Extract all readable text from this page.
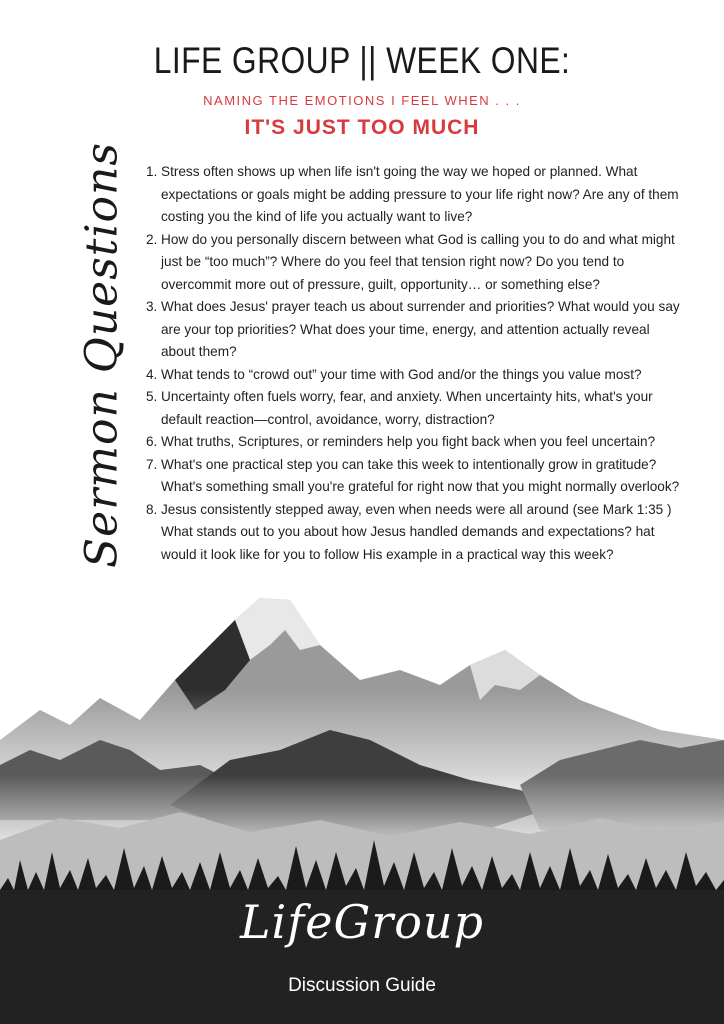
LIFE GROUP || WEEK ONE:
NAMING THE EMOTIONS I FEEL WHEN . . .
IT'S JUST TOO MUCH
Sermon Questions 1. Stress often shows up when life isn't going the way we hoped or planned. What expectations or goals might be adding pressure to your life right now? Are any of them costing you the kind of life you actually want to live?
2. How do you personally discern between what God is calling you to do and what might just be “too much”? Where do you feel that tension right now? Do you tend to overcommit more out of pressure, guilt, opportunity… or something else?
3. What does Jesus' prayer teach us about surrender and priorities? What would you say are your top priorities? What does your time, energy, and attention actually reveal about them?
4. What tends to “crowd out” your time with God and/or the things you value most?
5. Uncertainty often fuels worry, fear, and anxiety. When uncertainty hits, what's your default reaction—control, avoidance, worry, distraction?
6. What truths, Scriptures, or reminders help you fight back when you feel uncertain?
7. What's one practical step you can take this week to intentionally grow in gratitude? What's something small you're grateful for right now that you might normally overlook?
8. Jesus consistently stepped away, even when needs were all around (see Mark 1:35 ) What stands out to you about how Jesus handled demands and expectations? hat would it look like for you to follow His example in a practical way this week?
LifeGroup
Discussion Guide
